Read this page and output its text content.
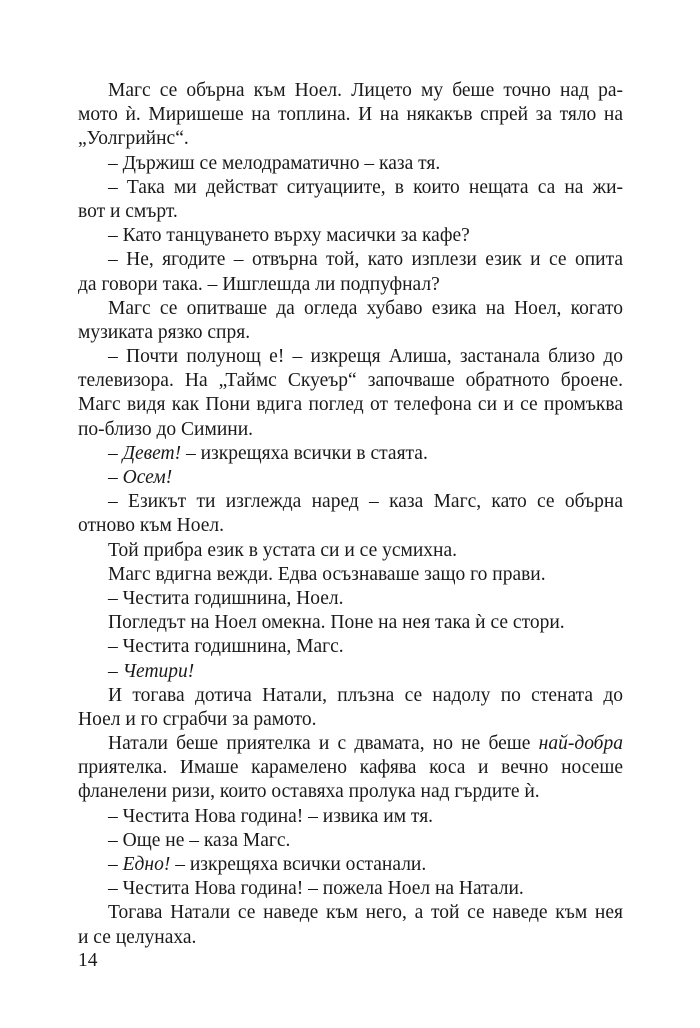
Магс се обърна към Ноел. Лицето му беше точно над ра-
мото ѝ. Миришеше на топлина. И на някакъв спрей за тяло на
„Уолгрийнс“.
– Държиш се мелодраматично – каза тя.
– Така ми действат ситуациите, в които нещата са на жи-
вот и смърт.
– Като танцуването върху масички за кафе?
– Не, ягодите – отвърна той, като изплези език и се опита
да говори така. – Ишглешда ли подпуфнал?
Магс се опитваше да огледа хубаво езика на Ноел, когато
музиката рязко спря.
– Почти полунощ е! – изкрещя Алиша, застанала близо до
телевизора. На „Таймс Скуеър“ започваше обратното броене.
Магс видя как Пони вдига поглед от телефона си и се промъква
по-близо до Симини.
– Девет! – изкрещяха всички в стаята.
– Осем!
– Езикът ти изглежда наред – каза Магс, като се обърна
отново към Ноел.
Той прибра език в устата си и се усмихна.
Магс вдигна вежди. Едва осъзнаваше защо го прави.
– Честита годишнина, Ноел.
Погледът на Ноел омекна. Поне на нея така ѝ се стори.
– Честита годишнина, Магс.
– Четири!
И тогава дотича Натали, плъзна се надолу по стената до
Ноел и го сграбчи за рамото.
Натали беше приятелка и с двамата, но не беше най-добра
приятелка. Имаше карамелено кафява коса и вечно носеше
фланелени ризи, които оставяха пролука над гърдите ѝ.
– Честита Нова година! – извика им тя.
– Още не – каза Магс.
– Едно! – изкрещяха всички останали.
– Честита Нова година! – пожела Ноел на Натали.
Тогава Натали се наведе към него, а той се наведе към нея
и се целунаха.
14
